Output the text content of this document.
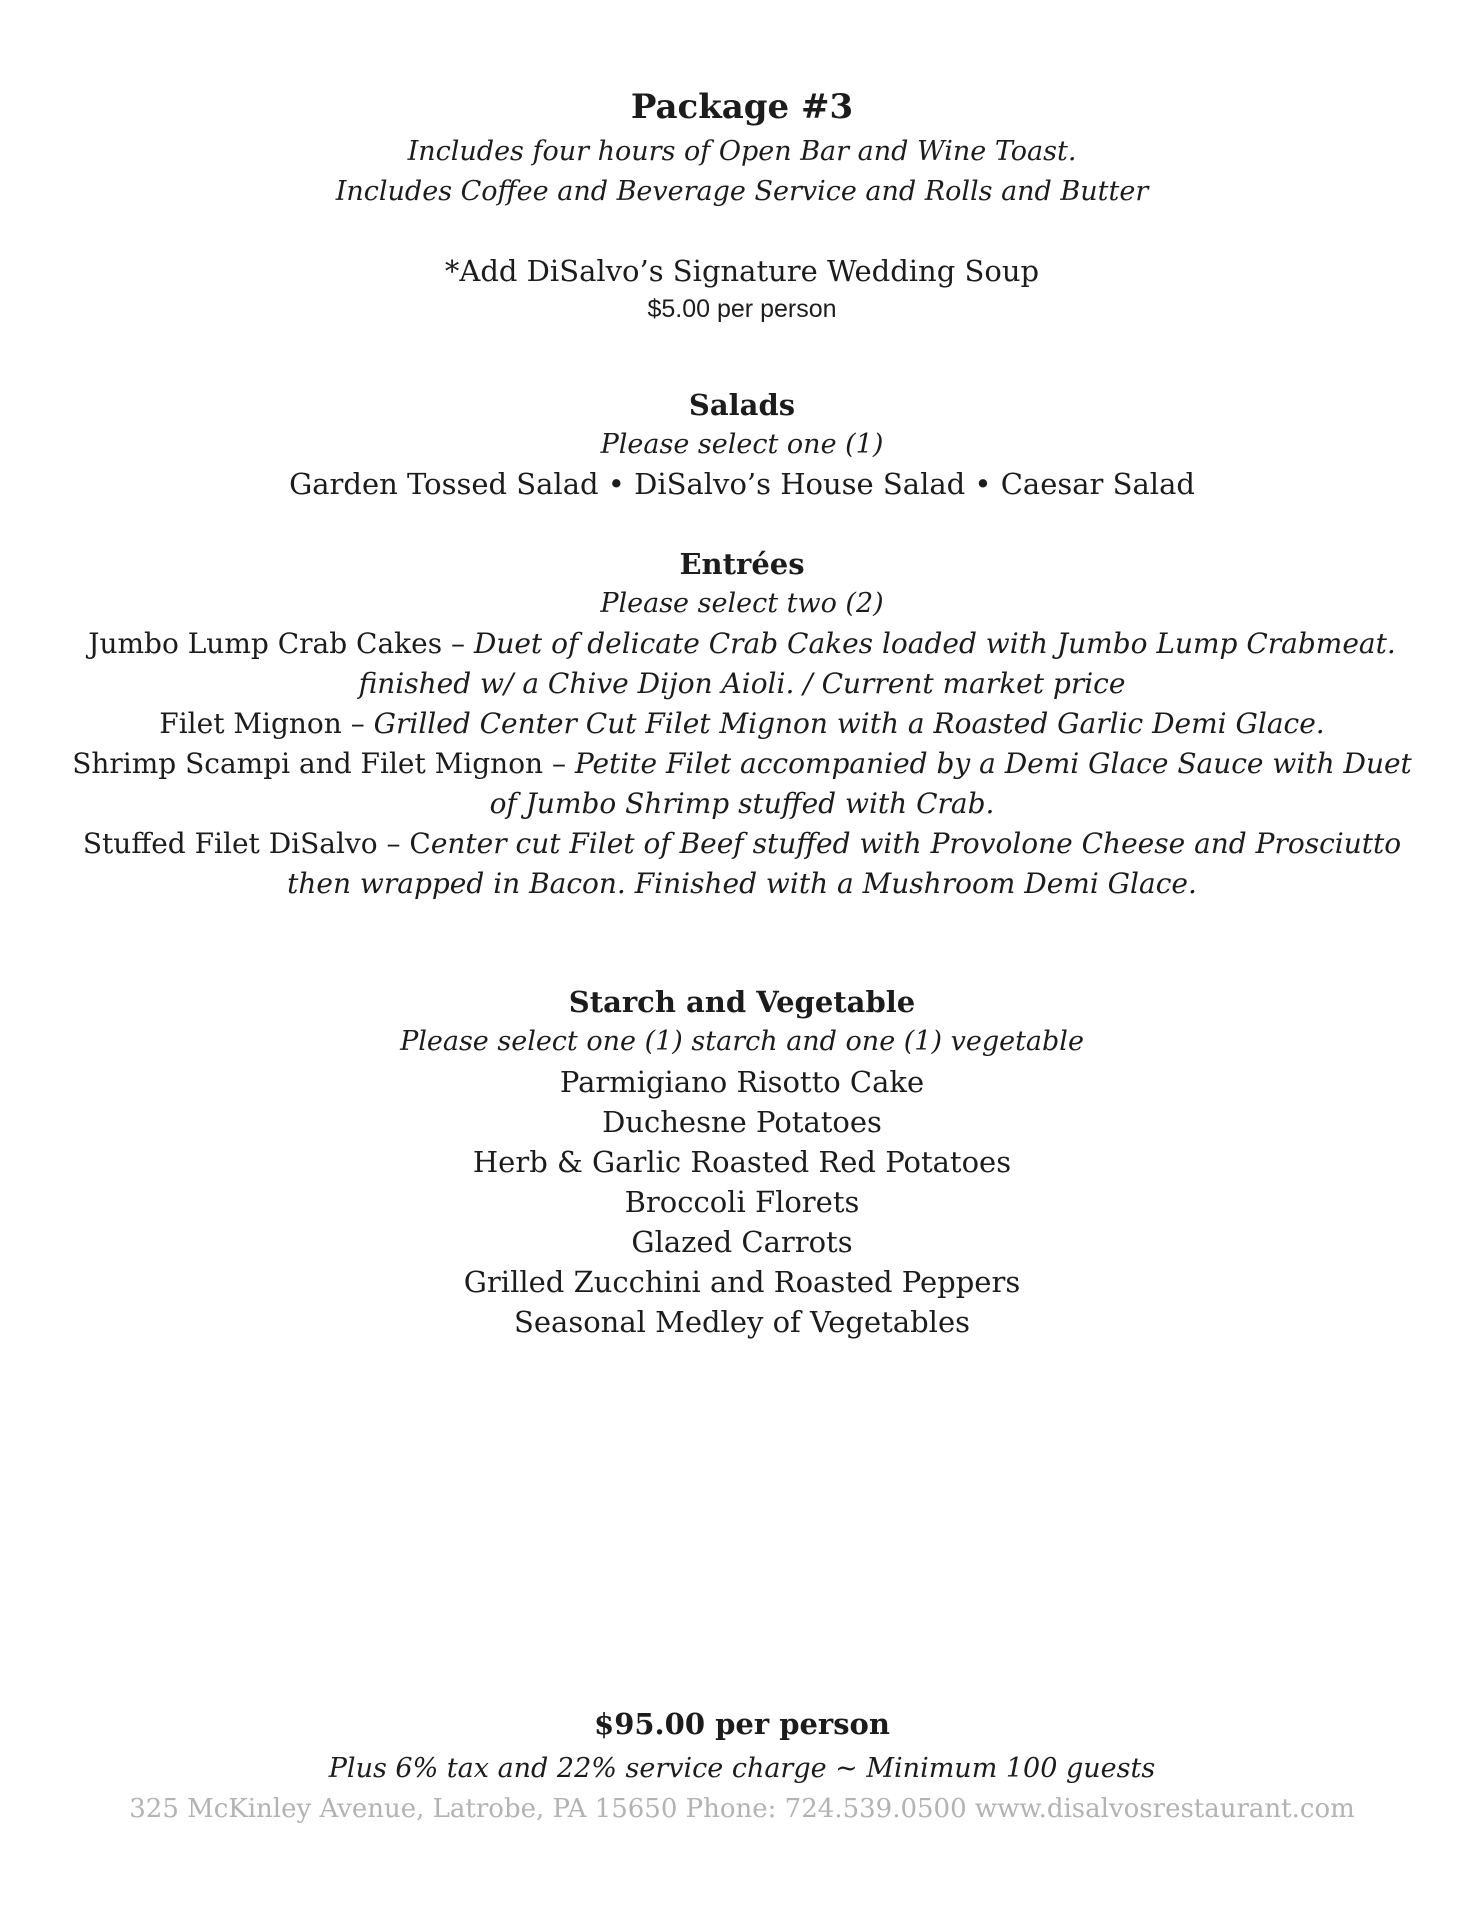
Package #3
Includes four hours of Open Bar and Wine Toast.
Includes Coffee and Beverage Service and Rolls and Butter
*Add DiSalvo’s Signature Wedding Soup
$5.00 per person
Salads
Please select one (1)
Garden Tossed Salad • DiSalvo’s House Salad • Caesar Salad
Entrées
Please select two (2)
Jumbo Lump Crab Cakes – Duet of delicate Crab Cakes loaded with Jumbo Lump Crabmeat.
finished w/ a Chive Dijon Aioli. / Current market price
Filet Mignon – Grilled Center Cut Filet Mignon with a Roasted Garlic Demi Glace.
Shrimp Scampi and Filet Mignon – Petite Filet accompanied by a Demi Glace Sauce with Duet
of Jumbo Shrimp stuffed with Crab.
Stuffed Filet DiSalvo – Center cut Filet of Beef stuffed with Provolone Cheese and Prosciutto
then wrapped in Bacon. Finished with a Mushroom Demi Glace.
Starch and Vegetable
Please select one (1) starch and one (1) vegetable
Parmigiano Risotto Cake
Duchesne Potatoes
Herb & Garlic Roasted Red Potatoes
Broccoli Florets
Glazed Carrots
Grilled Zucchini and Roasted Peppers
Seasonal Medley of Vegetables
$95.00 per person
Plus 6% tax and 22% service charge ~ Minimum 100 guests
325 McKinley Avenue, Latrobe, PA 15650 Phone: 724.539.0500 www.disalvosrestaurant.com
